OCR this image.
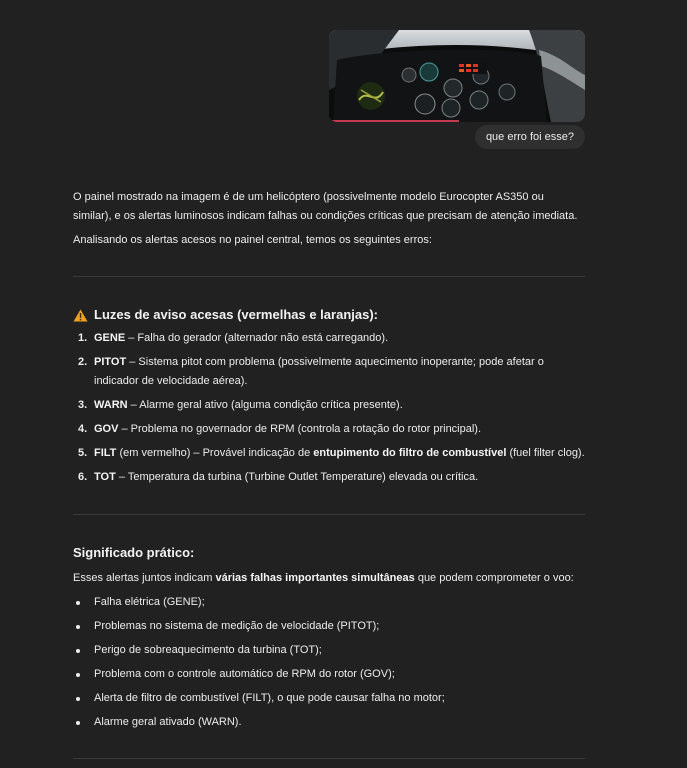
que erro foi esse?

O painel mostrado na imagem é de um helicóptero (possivelmente modelo Eurocopter AS350 ou similar), e os alertas luminosos indicam falhas ou condições críticas que precisam de atenção imediata.

Analisando os alertas acesos no painel central, temos os seguintes erros:

Luzes de aviso acesas (vermelhas e laranjas):
1. GENE – Falha do gerador (alternador não está carregando).
2. PITOT – Sistema pitot com problema (possivelmente aquecimento inoperante; pode afetar o indicador de velocidade aérea).
3. WARN – Alarme geral ativo (alguma condição crítica presente).
4. GOV – Problema no governador de RPM (controla a rotação do rotor principal).
5. FILT (em vermelho) – Provável indicação de entupimento do filtro de combustível (fuel filter clog).
6. TOT – Temperatura da turbina (Turbine Outlet Temperature) elevada ou crítica.
Significado prático:

Esses alertas juntos indicam várias falhas importantes simultâneas que podem comprometer o voo:

Falha elétrica (GENE);
Problemas no sistema de medição de velocidade (PITOT);
Perigo de sobreaquecimento da turbina (TOT);
Problema com o controle automático de RPM do rotor (GOV);
Alerta de filtro de combustível (FILT), o que pode causar falha no motor;
Alarme geral ativado (WARN).
